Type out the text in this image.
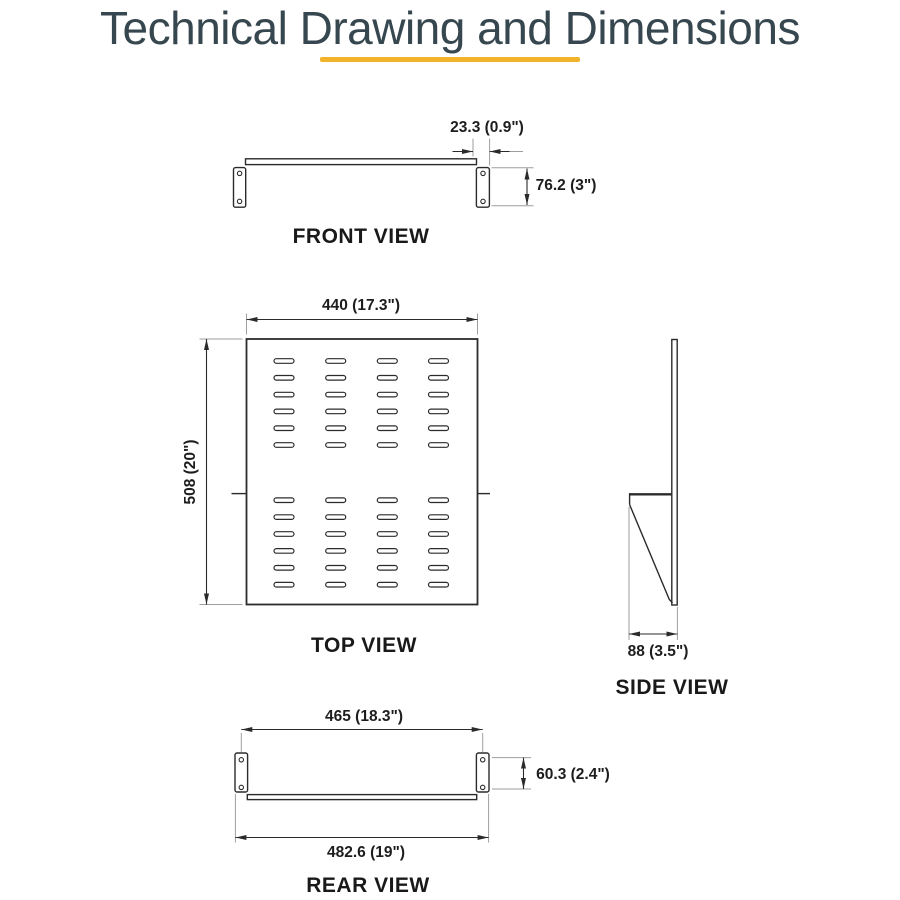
Technical Drawing and Dimensions
23.3 (0.9")
76.2 (3")
FRONT VIEW
440 (17.3")
508 (20")
TOP VIEW	88 (3.5")
SIDE VIEW
465 (18.3")
482.6 (19")
60.3 (2.4")
REAR VIEW
